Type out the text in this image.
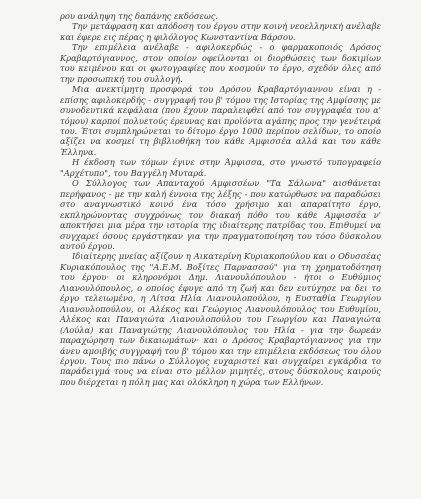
ρου ανάληψη της δαπάνης εκδόσεως.

Την μετάφραση και απόδοση του έργου στην κοινή νεοελληνική ανέλαβε και έφερε εις πέρας η φιλόλογος Κωνσταντίνα Βάρσου.

Την επιμέλεια ανέλαβε - αφιλοκερδώς - ο φαρμακοποιός Δρόσος Κραβαρτόγιαννος, στον οποίον οφείλονται οι διορθώσεις των δοκιμίων του κειμένου και οι φωτογραφίες που κοσμούν το έργο, σχεδόν όλες από την προσωπική του συλλογή.

Μια ανεκτίμητη προσφορά του Δρόσου Κραβαρτόγιαννου είναι η - επίσης αφιλοκερδής - συγγραφή του β' τόμου της Ιστορίας της Αμφίσσης με συνοδευτικά κεφάλαια (που έχουν παραλειφθεί από τον συγγραφέα του α' τόμου) καρποί πολυετούς έρευνας και προϊόντα αγάπης προς την γενέτειρά του. Έτσι συμπληρώνεται το δίτομο έργο 1000 περίπου σελίδων, το οποίο αξίζει να κοσμεί τη βιβλιοθήκη του κάθε Αμφισσέα αλλά και του κάθε Έλληνα.

Η έκδοση των τόμων έγινε στην Άμφισσα, στο γνωστό τυπογραφείο "Αρχέτυπο", του Βαγγέλη Μυταρά.

Ο Σύλλογος των Απανταχού Αμφισσέων "Τα Σάλωνα" αισθάνεται περήφανος - με την καλή έννοια της λέξης - που κατώρθωσε να παραδώσει στο αναγνωστικό κοινό ένα τόσο χρήσιμο και απαραίτητο έργο, εκπληρώνοντας συγχρόνως τον διακαή πόθο του κάθε Αμφισσέα ν' αποκτήσει μια μέρα την ιστορία της ιδιαίτερης πατρίδας του. Επιθυμεί να συγχαρεί όσους εργάστηκαν για την πραγματοποίηση του τόσο δύσκολου αυτού έργου.

Ιδιαίτερης μνείας αξίζουν η Αικατερίνη Κυριακοπούλου και ο Οδυσσέας Κυριακόπουλος της "Α.Ε.Μ. Βοξίτες Παρνασσού" για τη χρηματοδότηση του έργου· οι κληρονόμοι Δημ. Λιανουλόπουλου - ήτοι ο Ευθύμιος Λιανουλόπουλος, ο οποίος έφυγε από τη ζωή και δεν ευτύχησε να δει το έργο τελειωμένο, η Λίτσα Ηλία Λιανουλοπούλου, η Ευσταθία Γεωργίου Λιανουλοπούλου, οι Αλέκος και Γεώργιος Λιανουλόπουλος του Ευθυμίου, Αλέκος και Παναγιώτα Λιανουλοπούλου του Γεωργίου και Παναγιώτα (Λούλα) και Παναγιώτης Λιανουλόπουλος του Ηλία - για την δωρεάν παραχώρηση των δικαιωμάτων· και ο Δρόσος Κραβαρτόγιαννος για την άνευ αμοιβής συγγραφή του β' τόμου και την επιμέλεια εκδόσεως του όλου έργου. Τους πιο πάνω ο Σύλλογος ευχαριστεί και συγχαίρει εγκάρδια το παράδειγμά τους να είναι στο μέλλον μιμητές, στους δύσκολους καιρούς που διέρχεται η πόλη μας και ολόκληρη η χώρα των Ελλήνων.
